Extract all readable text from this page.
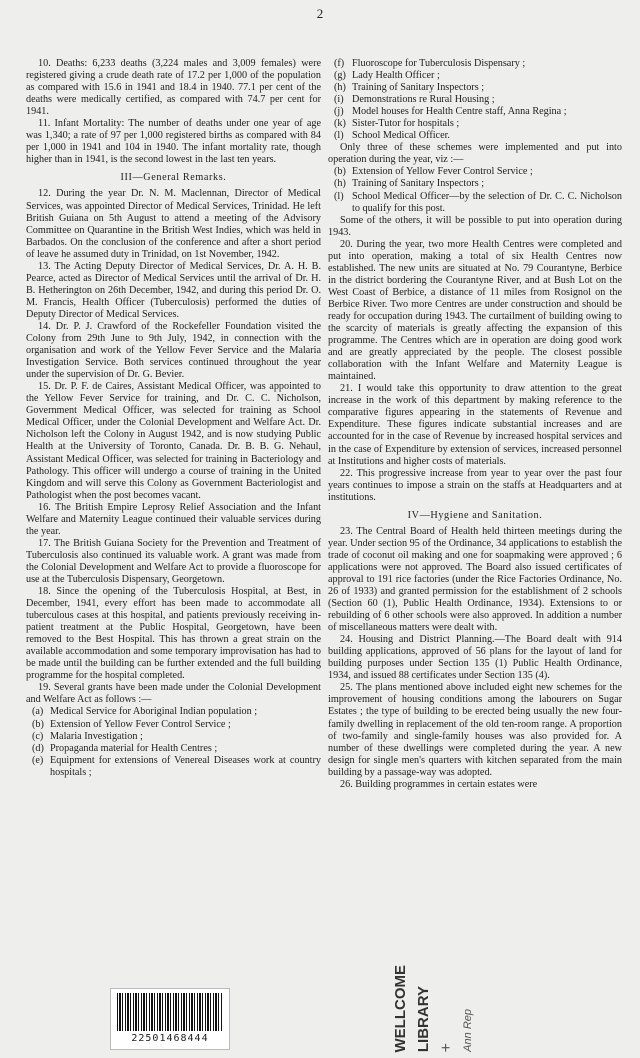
2

10. Deaths: 6,233 deaths (3,224 males and 3,009 females) were registered giving a crude death rate of 17.2 per 1,000 of the population as compared with 15.6 in 1941 and 18.4 in 1940. 77.1 per cent of the deaths were medically certified, as compared with 74.7 per cent for 1941.

11. Infant Mortality: The number of deaths under one year of age was 1,340; a rate of 97 per 1,000 registered births as compared with 84 per 1,000 in 1941 and 104 in 1940. The infant mortality rate, though higher than in 1941, is the second lowest in the last ten years.

III—General Remarks.

12. During the year Dr. N. M. Maclennan, Director of Medical Services, was appointed Director of Medical Services, Trinidad. He left British Guiana on 5th August to attend a meeting of the Advisory Committee on Quarantine in the British West Indies, which was held in Barbados. On the conclusion of the conference and after a short period of leave he assumed duty in Trinidad, on 1st November, 1942.

13. The Acting Deputy Director of Medical Services, Dr. A. H. B. Pearce, acted as Director of Medical Services until the arrival of Dr. H. B. Hetherington on 26th December, 1942, and during this period Dr. O. M. Francis, Health Officer (Tuberculosis) performed the duties of Deputy Director of Medical Services.

14. Dr. P. J. Crawford of the Rockefeller Foundation visited the Colony from 29th June to 9th July, 1942, in connection with the organisation and work of the Yellow Fever Service and the Malaria Investigation Service. Both services continued throughout the year under the supervision of Dr. G. Bevier.

15. Dr. P. F. de Caires, Assistant Medical Officer, was appointed to the Yellow Fever Service for training, and Dr. C. C. Nicholson, Government Medical Officer, was selected for training as School Medical Officer, under the Colonial Development and Welfare Act. Dr. Nicholson left the Colony in August 1942, and is now studying Public Health at the University of Toronto, Canada. Dr. B. B. G. Nehaul, Assistant Medical Officer, was selected for training in Bacteriology and Pathology. This officer will undergo a course of training in the United Kingdom and will serve this Colony as Government Bacteriologist and Pathologist when the post becomes vacant.

16. The British Empire Leprosy Relief Association and the Infant Welfare and Maternity League continued their valuable services during the year.

17. The British Guiana Society for the Prevention and Treatment of Tuberculosis also continued its valuable work. A grant was made from the Colonial Development and Welfare Act to provide a fluoroscope for use at the Tuberculosis Dispensary, Georgetown.

18. Since the opening of the Tuberculosis Hospital, at Best, in December, 1941, every effort has been made to accommodate all tuberculous cases at this hospital, and patients previously receiving in-patient treatment at the Public Hospital, Georgetown, have been removed to the Best Hospital. This has thrown a great strain on the available accommodation and some temporary improvisation has had to be made until the building can be further extended and the full building programme for the hospital completed.

19. Several grants have been made under the Colonial Development and Welfare Act as follows :—

(a) Medical Service for Aboriginal Indian population ;

(b) Extension of Yellow Fever Control Service ;

(c) Malaria Investigation ;

(d) Propaganda material for Health Centres ;

(e) Equipment for extensions of Venereal Diseases work at country hospitals ;

(f) Fluoroscope for Tuberculosis Dispensary ;

(g) Lady Health Officer ;

(h) Training of Sanitary Inspectors ;

(i) Demonstrations re Rural Housing ;

(j) Model houses for Health Centre staff, Anna Regina ;

(k) Sister-Tutor for hospitals ;

(l) School Medical Officer.

Only three of these schemes were implemented and put into operation during the year, viz :—

(b) Extension of Yellow Fever Control Service ;

(h) Training of Sanitary Inspectors ;

(l) School Medical Officer—by the selection of Dr. C. C. Nicholson to qualify for this post.

Some of the others, it will be possible to put into operation during 1943.

20. During the year, two more Health Centres were completed and put into operation, making a total of six Health Centres now established. The new units are situated at No. 79 Courantyne, Berbice in the district bordering the Courantyne River, and at Bush Lot on the West Coast of Berbice, a distance of 11 miles from Rosignol on the Berbice River. Two more Centres are under construction and should be ready for occupation during 1943. The curtailment of building owing to the scarcity of materials is greatly affecting the expansion of this programme. The Centres which are in operation are doing good work and are greatly appreciated by the people. The closest possible collaboration with the Infant Welfare and Maternity League is maintained.

21. I would take this opportunity to draw attention to the great increase in the work of this department by making reference to the comparative figures appearing in the statements of Revenue and Expenditure. These figures indicate substantial increases and are accounted for in the case of Revenue by increased hospital services and in the case of Expenditure by extension of services, increased personnel at Institutions and higher costs of materials.

22. This progressive increase from year to year over the past four years continues to impose a strain on the staffs at Headquarters and at institutions.

IV—Hygiene and Sanitation.

23. The Central Board of Health held thirteen meetings during the year. Under section 95 of the Ordinance, 34 applications to establish the trade of coconut oil making and one for soapmaking were approved ; 6 applications were not approved. The Board also issued certificates of approval to 191 rice factories (under the Rice Factories Ordinance, No. 26 of 1933) and granted permission for the establishment of 2 schools (Section 60 (1), Public Health Ordinance, 1934). Extensions to or rebuilding of 6 other schools were also approved. In addition a number of miscellaneous matters were dealt with.

24. Housing and District Planning.—The Board dealt with 914 building applications, approved of 56 plans for the layout of land for building purposes under Section 135 (1) Public Health Ordinance, 1934, and issued 88 certificates under Section 135 (4).

25. The plans mentioned above included eight new schemes for the improvement of housing conditions among the labourers on Sugar Estates ; the type of building to be erected being usually the new four-family dwelling in replacement of the old ten-room range. A proportion of two-family and single-family houses was also provided for. A number of these dwellings were completed during the year. A new design for single men's quarters with kitchen separated from the main building by a passage-way was adopted.

26. Building programmes in certain estates were

22501468444	WELLCOME LIBRARY + Ann Rep
